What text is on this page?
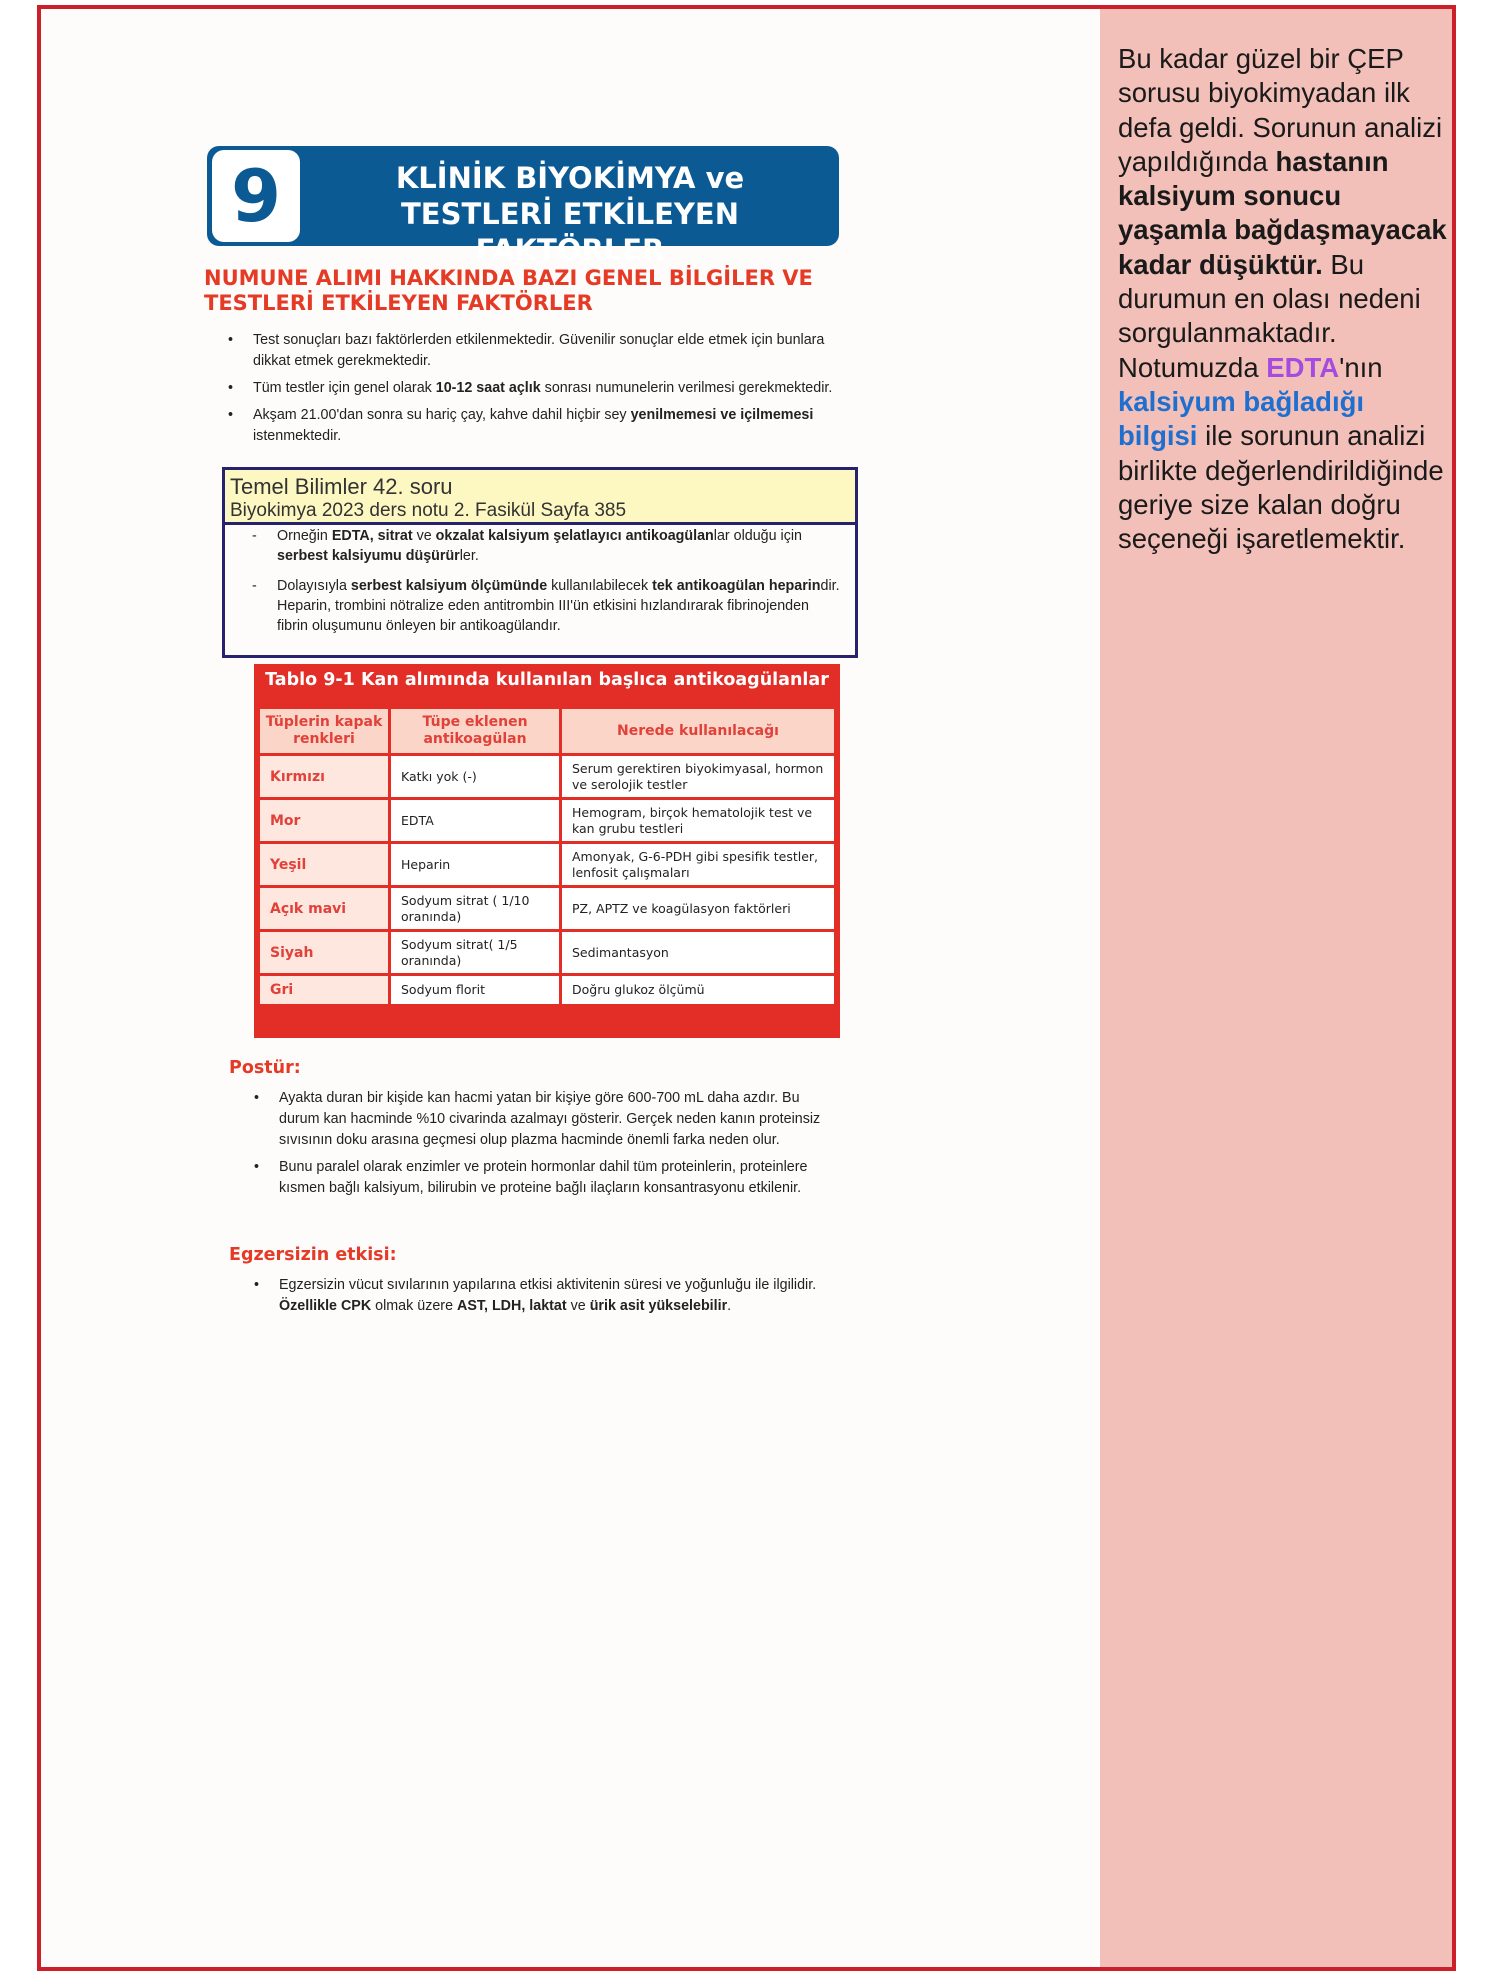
9	KLİNİK BİYOKİMYA ve
TESTLERİ ETKİLEYEN FAKTÖRLER
NUMUNE ALIMI HAKKINDA BAZI GENEL BİLGİLER VE
TESTLERİ ETKİLEYEN FAKTÖRLER
• Test sonuçları bazı faktörlerden etkilenmektedir. Güvenilir sonuçlar elde etmek için bunlara dikkat etmek gerekmektedir.
• Tüm testler için genel olarak 10-12 saat açlık sonrası numunelerin verilmesi gerekmektedir.
• Akşam 21.00'dan sonra su hariç çay, kahve dahil hiçbir sey yenilmemesi ve içilmemesi istenmektedir.
Temel Bilimler 42. soru
Biyokimya 2023 ders notu 2. Fasikül Sayfa 385
- Orneğin EDTA, sitrat ve okzalat kalsiyum şelatlayıcı antikoagülanlar olduğu için serbest kalsiyumu düşürürler.
- Dolayısıyla serbest kalsiyum ölçümünde kullanılabilecek tek antikoagülan heparindir. Heparin, trombini nötralize eden antitrombin III'ün etkisini hızlandırarak fibrinojenden fibrin oluşumunu önleyen bir antikoagülandır.
Tablo 9-1 Kan alımında kullanılan başlıca antikoagülanlar
Tüplerin kapak renkleri	Tüpe eklenen antikoagülan	Nerede kullanılacağı
Kırmızı	Katkı yok (-)	Serum gerektiren biyokimyasal, hormon ve serolojik testler
Mor	EDTA	Hemogram, birçok hematolojik test ve kan grubu testleri
Yeşil	Heparin	Amonyak, G-6-PDH gibi spesifik testler, lenfosit çalışmaları
Açık mavi	Sodyum sitrat ( 1/10 oranında)	PZ, APTZ ve koagülasyon faktörleri
Siyah	Sodyum sitrat( 1/5 oranında)	Sedimantasyon
Gri	Sodyum florit	Doğru glukoz ölçümü
Postür:
• Ayakta duran bir kişide kan hacmi yatan bir kişiye göre 600-700 mL daha azdır. Bu durum kan hacminde %10 civarinda azalmayı gösterir. Gerçek neden kanın proteinsiz sıvısının doku arasına geçmesi olup plazma hacminde önemli farka neden olur.
• Bunu paralel olarak enzimler ve protein hormonlar dahil tüm proteinlerin, proteinlere kısmen bağlı kalsiyum, bilirubin ve proteine bağlı ilaçların konsantrasyonu etkilenir.
Egzersizin etkisi:
• Egzersizin vücut sıvılarının yapılarına etkisi aktivitenin süresi ve yoğunluğu ile ilgilidir. Özellikle CPK olmak üzere AST, LDH, laktat ve ürik asit yükselebilir.
Bu kadar güzel bir ÇEP sorusu biyokimyadan ilk defa geldi. Sorunun analizi yapıldığında hastanın kalsiyum sonucu yaşamla bağdaşmayacak kadar düşüktür. Bu durumun en olası nedeni sorgulanmaktadır. Notumuzda EDTA'nın kalsiyum bağladığı bilgisi ile sorunun analizi birlikte değerlendirildiğinde geriye size kalan doğru seçeneği işaretlemektir.
